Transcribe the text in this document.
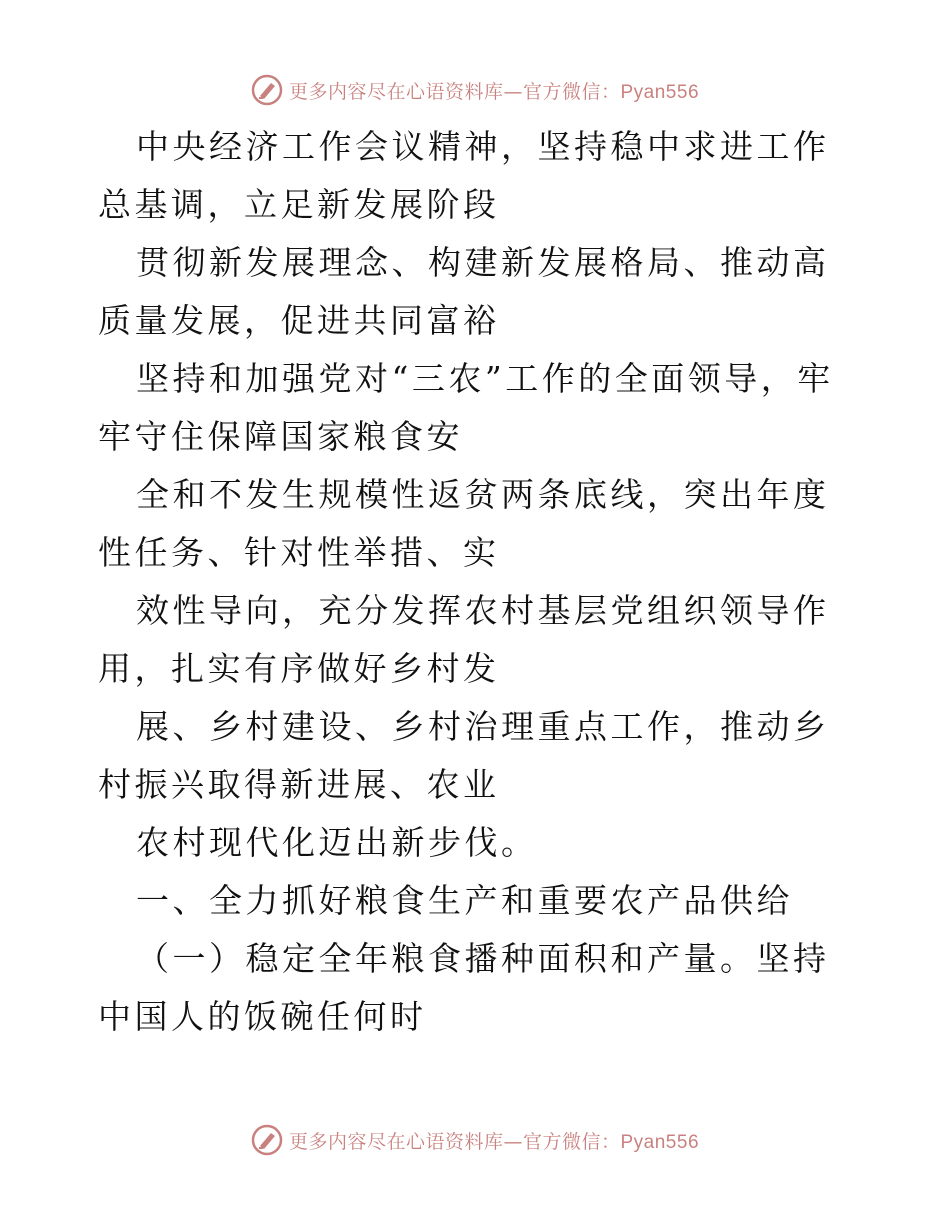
更多内容尽在心语资料库—官方微信：Pyan556

中央经济工作会议精神，坚持稳中求进工作总基调，立足新发展阶段

贯彻新发展理念、构建新发展格局、推动高质量发展，促进共同富裕

坚持和加强党对“三农”工作的全面领导，牢牢守住保障国家粮食安

全和不发生规模性返贫两条底线，突出年度性任务、针对性举措、实

效性导向，充分发挥农村基层党组织领导作用，扎实有序做好乡村发

展、乡村建设、乡村治理重点工作，推动乡村振兴取得新进展、农业

农村现代化迈出新步伐。

一、全力抓好粮食生产和重要农产品供给

（一）稳定全年粮食播种面积和产量。坚持中国人的饭碗任何时

更多内容尽在心语资料库—官方微信：Pyan556
